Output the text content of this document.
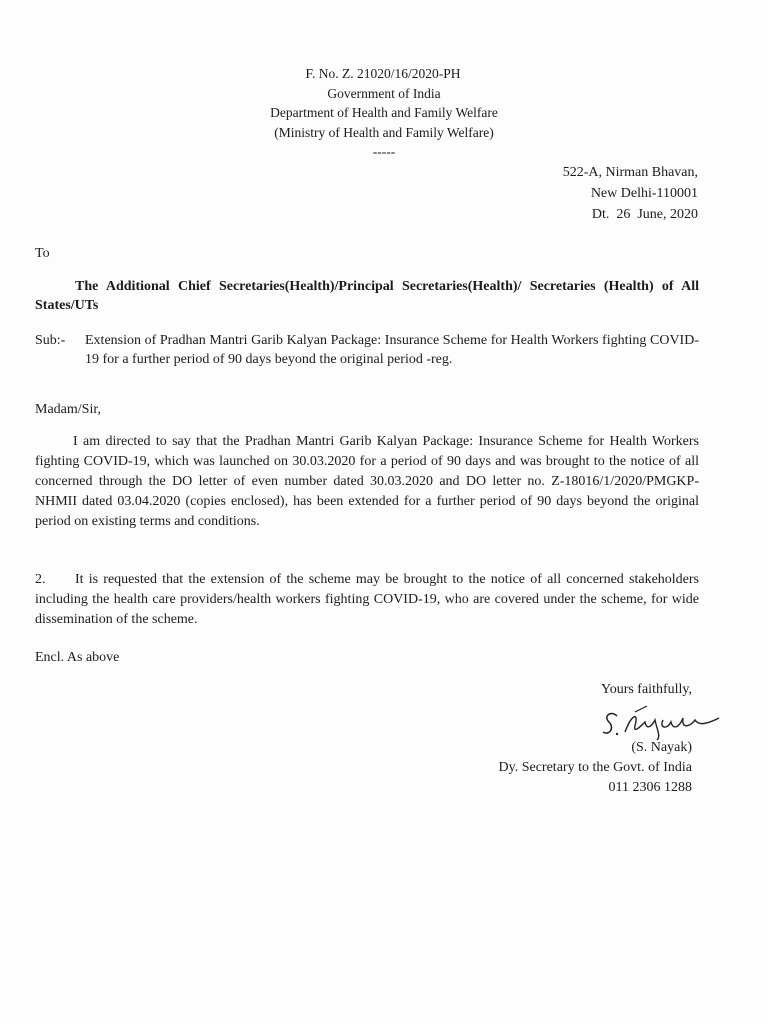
F. No. Z. 21020/16/2020-PH
Government of India
Department of Health and Family Welfare
(Ministry of Health and Family Welfare)
-----
522-A, Nirman Bhavan,
New Delhi-110001
Dt.  26  June, 2020
To
The Additional Chief Secretaries(Health)/Principal Secretaries(Health)/ Secretaries (Health) of All States/UTs
Sub:-	Extension of Pradhan Mantri Garib Kalyan Package: Insurance Scheme for Health Workers fighting COVID-19 for a further period of 90 days beyond the original period -reg.
Madam/Sir,
I am directed to say that the Pradhan Mantri Garib Kalyan Package: Insurance Scheme for Health Workers fighting COVID-19, which was launched on 30.03.2020 for a period of 90 days and was brought to the notice of all concerned through the DO letter of even number dated 30.03.2020 and DO letter no. Z-18016/1/2020/PMGKP-NHMII dated 03.04.2020 (copies enclosed), has been extended for a further period of 90 days beyond the original period on existing terms and conditions.
2. It is requested that the extension of the scheme may be brought to the notice of all concerned stakeholders including the health care providers/health workers fighting COVID-19, who are covered under the scheme, for wide dissemination of the scheme.
Encl. As above
Yours faithfully,
(S. Nayak)
Dy. Secretary to the Govt. of India
011 2306 1288
